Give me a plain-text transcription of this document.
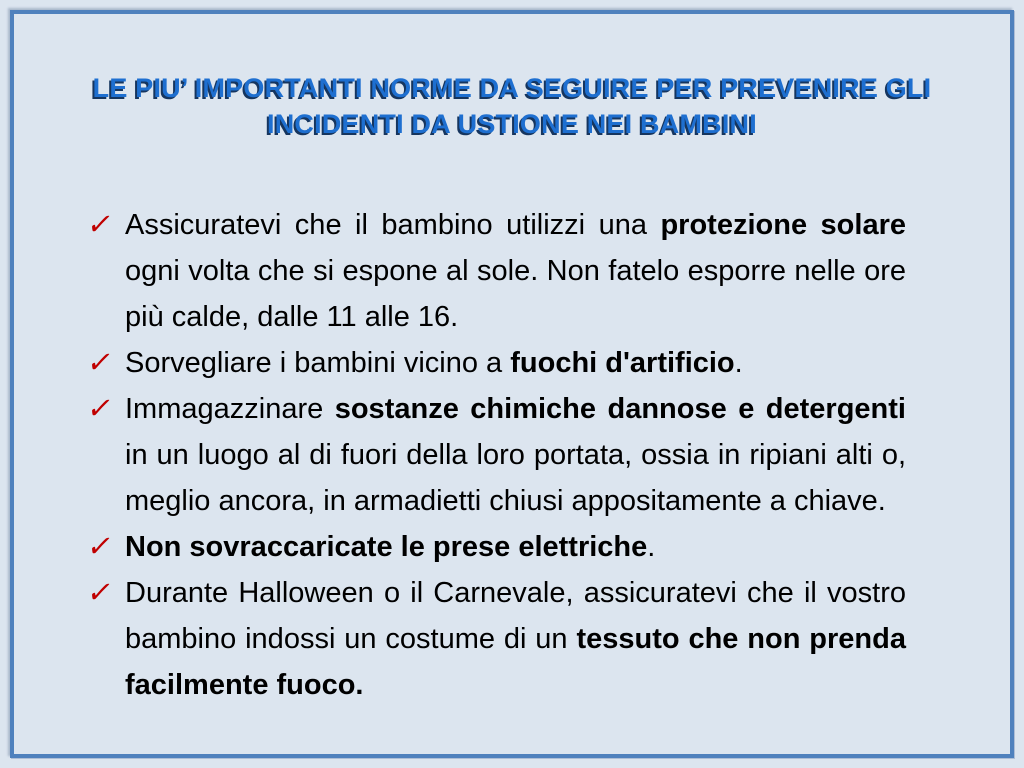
LE PIU’ IMPORTANTI NORME DA SEGUIRE PER PREVENIRE GLI
INCIDENTI DA USTIONE NEI BAMBINI
✓ Assicuratevi che il bambino utilizzi una protezione solare ogni volta che si espone al sole. Non fatelo esporre nelle ore più calde, dalle 11 alle 16.
✓ Sorvegliare i bambini vicino a fuochi d'artificio.
✓ Immagazzinare sostanze chimiche dannose e detergenti in un luogo al di fuori della loro portata, ossia in ripiani alti o, meglio ancora, in armadietti chiusi appositamente a chiave.
✓ Non sovraccaricate le prese elettriche.
✓ Durante Halloween o il Carnevale, assicuratevi che il vostro bambino indossi un costume di un tessuto che non prenda facilmente fuoco.
